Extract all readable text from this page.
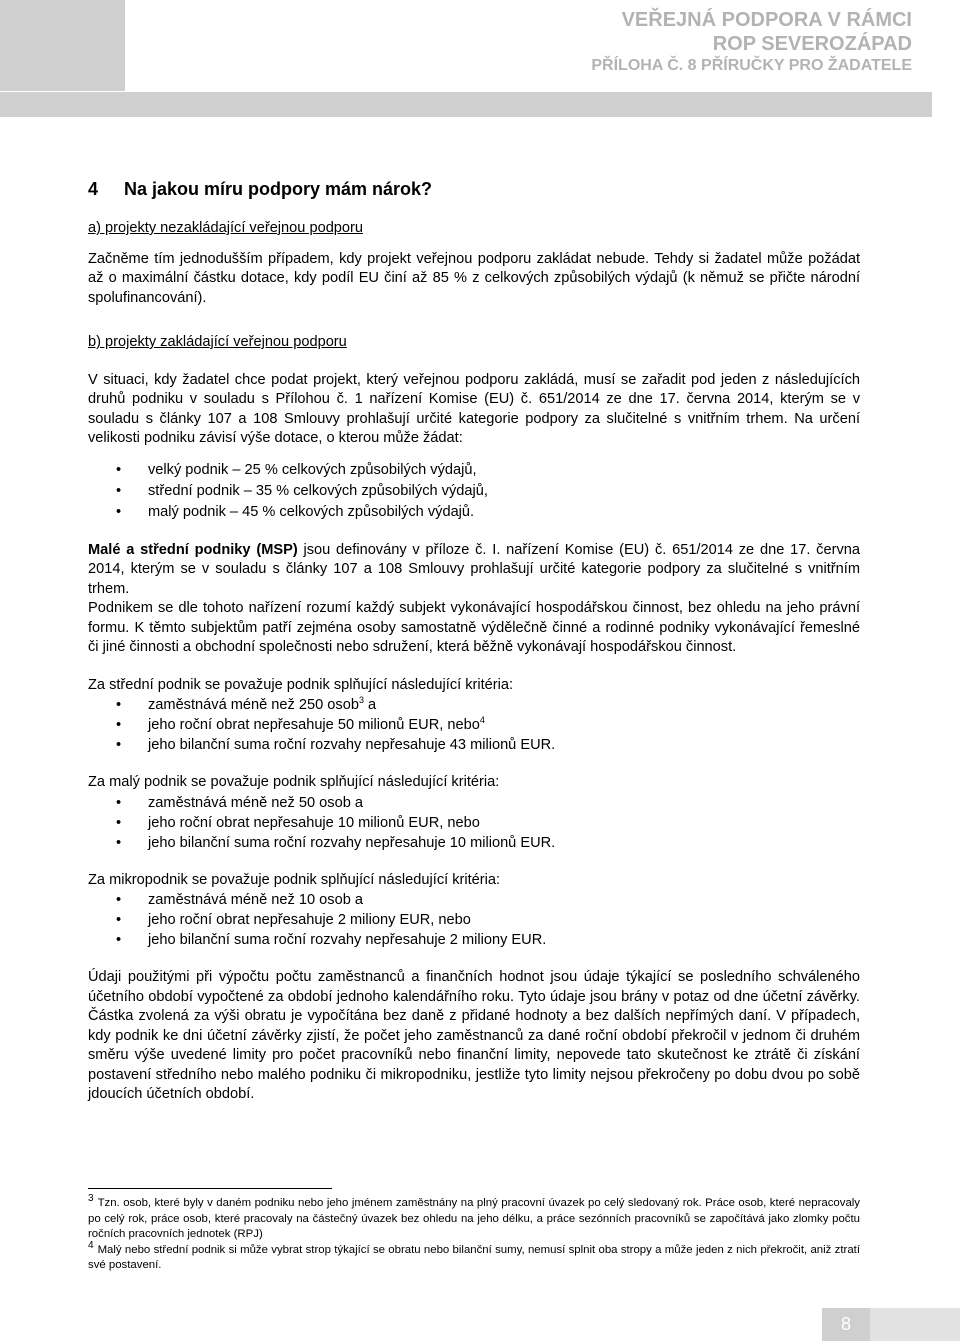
VEŘEJNÁ PODPORA V RÁMCI
ROP SEVEROZÁPAD
PŘÍLOHA Č. 8 PŘÍRUČKY PRO ŽADATELE
4 Na jakou míru podpory mám nárok?

a) projekty nezakládající veřejnou podporu

Začněme tím jednodušším případem, kdy projekt veřejnou podporu zakládat nebude. Tehdy si žadatel může požádat až o maximální částku dotace, kdy podíl EU činí až 85 % z celkových způsobilých výdajů (k němuž se přičte národní spolufinancování).

b) projekty zakládající veřejnou podporu

V situaci, kdy žadatel chce podat projekt, který veřejnou podporu zakládá, musí se zařadit pod jeden z následujících druhů podniku v souladu s Přílohou č. 1 nařízení Komise (EU) č. 651/2014 ze dne 17. června 2014, kterým se v souladu s články 107 a 108 Smlouvy prohlašují určité kategorie podpory za slučitelné s vnitřním trhem. Na určení velikosti podniku závisí výše dotace, o kterou může žádat:

• velký podnik – 25 % celkových způsobilých výdajů,
• střední podnik – 35 % celkových způsobilých výdajů,
• malý podnik – 45 % celkových způsobilých výdajů.

Malé a střední podniky (MSP) jsou definovány v příloze č. I. nařízení Komise (EU) č. 651/2014 ze dne 17. června 2014, kterým se v souladu s články 107 a 108 Smlouvy prohlašují určité kategorie podpory za slučitelné s vnitřním trhem.

Podnikem se dle tohoto nařízení rozumí každý subjekt vykonávající hospodářskou činnost, bez ohledu na jeho právní formu. K těmto subjektům patří zejména osoby samostatně výdělečně činné a rodinné podniky vykonávající řemeslné či jiné činnosti a obchodní společnosti nebo sdružení, která běžně vykonávají hospodářskou činnost.

Za střední podnik se považuje podnik splňující následující kritéria:

• zaměstnává méně než 250 osob$^3$ a
• jeho roční obrat nepřesahuje 50 milionů EUR, nebo$^4$
• jeho bilanční suma roční rozvahy nepřesahuje 43 milionů EUR.

Za malý podnik se považuje podnik splňující následující kritéria:

• zaměstnává méně než 50 osob a
• jeho roční obrat nepřesahuje 10 milionů EUR, nebo
• jeho bilanční suma roční rozvahy nepřesahuje 10 milionů EUR.

Za mikropodnik se považuje podnik splňující následující kritéria:

• zaměstnává méně než 10 osob a
• jeho roční obrat nepřesahuje 2 miliony EUR, nebo
• jeho bilanční suma roční rozvahy nepřesahuje 2 miliony EUR.

Údaji použitými při výpočtu počtu zaměstnanců a finančních hodnot jsou údaje týkající se posledního schváleného účetního období vypočtené za období jednoho kalendářního roku. Tyto údaje jsou brány v potaz od dne účetní závěrky. Částka zvolená za výši obratu je vypočítána bez daně z přidané hodnoty a bez dalších nepřímých daní. V případech, kdy podnik ke dni účetní závěrky zjistí, že počet jeho zaměstnanců za dané roční období překročil v jednom či druhém směru výše uvedené limity pro počet pracovníků nebo finanční limity, nepovede tato skutečnost ke ztrátě či získání postavení středního nebo malého podniku či mikropodniku, jestliže tyto limity nejsou překročeny po dobu dvou po sobě jdoucích účetních období.

3 Tzn. osob, které byly v daném podniku nebo jeho jménem zaměstnány na plný pracovní úvazek po celý sledovaný rok. Práce osob, které nepracovaly po celý rok, práce osob, které pracovaly na částečný úvazek bez ohledu na jeho délku, a práce sezónních pracovníků se započítává jako zlomky počtu ročních pracovních jednotek (RPJ)

4 Malý nebo střední podnik si může vybrat strop týkající se obratu nebo bilanční sumy, nemusí splnit oba stropy a může jeden z nich překročit, aniž ztratí své postavení.

8
